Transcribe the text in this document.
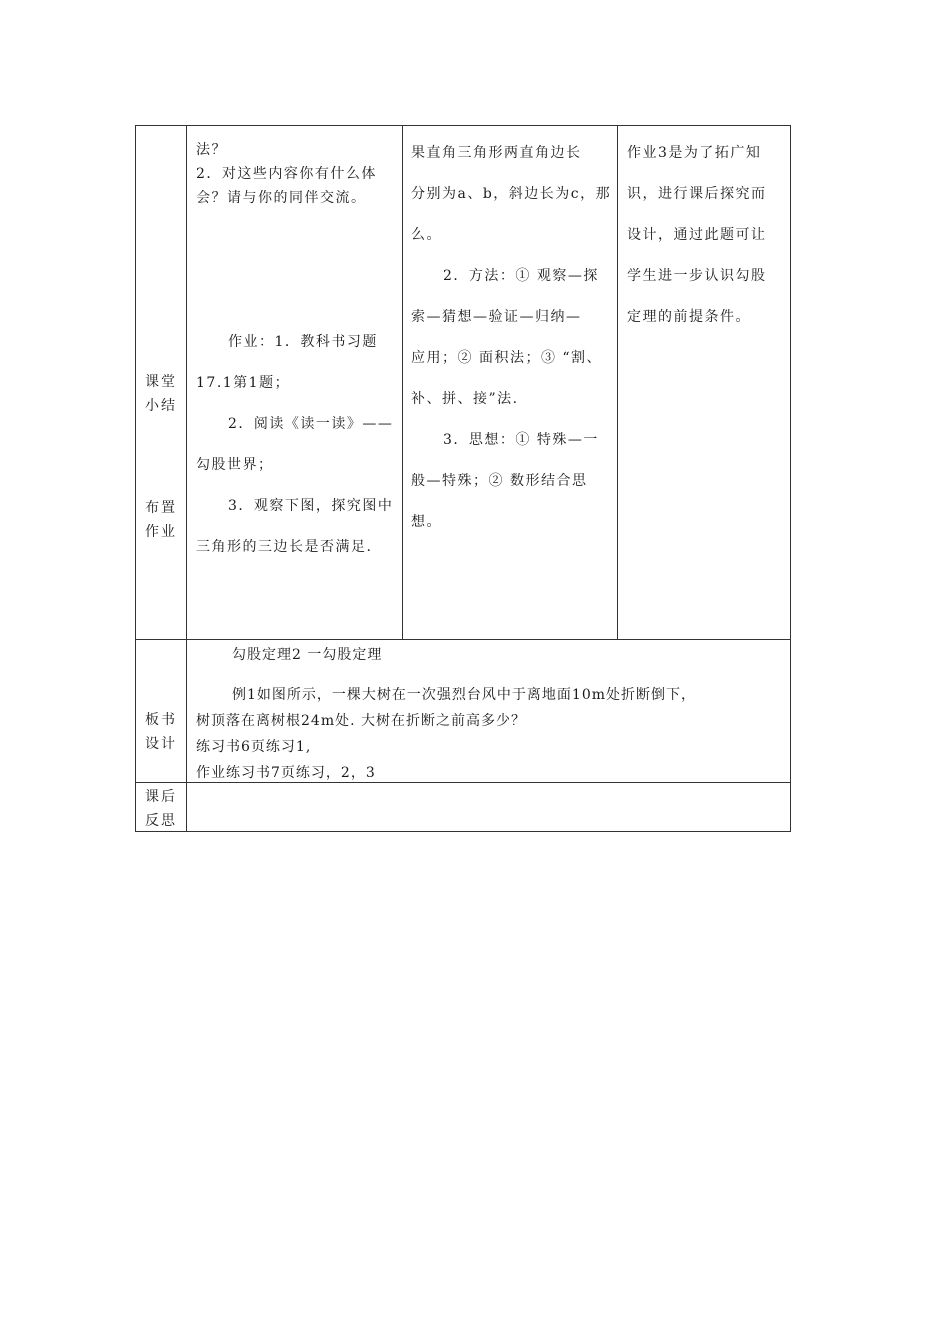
课堂
小结
布置
作业
法？
2．对这些内容你有什么体
会？请与你的同伴交流。
作业：1．教科书习题
17.1第1题；
2．阅读《读一读》——
勾股世界；
3．观察下图，探究图中
三角形的三边长是否满足.
果直角三角形两直角边长
分别为a、b，斜边长为c，那
么。
2．方法：① 观察—探
索—猜想—验证—归纳—
应用；② 面积法；③ “割、
补、拼、接”法.
3．思想：① 特殊—一
般—特殊；② 数形结合思
想。
作业3是为了拓广知
识，进行课后探究而
设计，通过此题可让
学生进一步认识勾股
定理的前提条件。
板书
设计
勾股定理2 一勾股定理
例1如图所示，一棵大树在一次强烈台风中于离地面10m处折断倒下，
树顶落在离树根24m处. 大树在折断之前高多少？
练习书6页练习1,
作业练习书7页练习，2，3
课后
反思
